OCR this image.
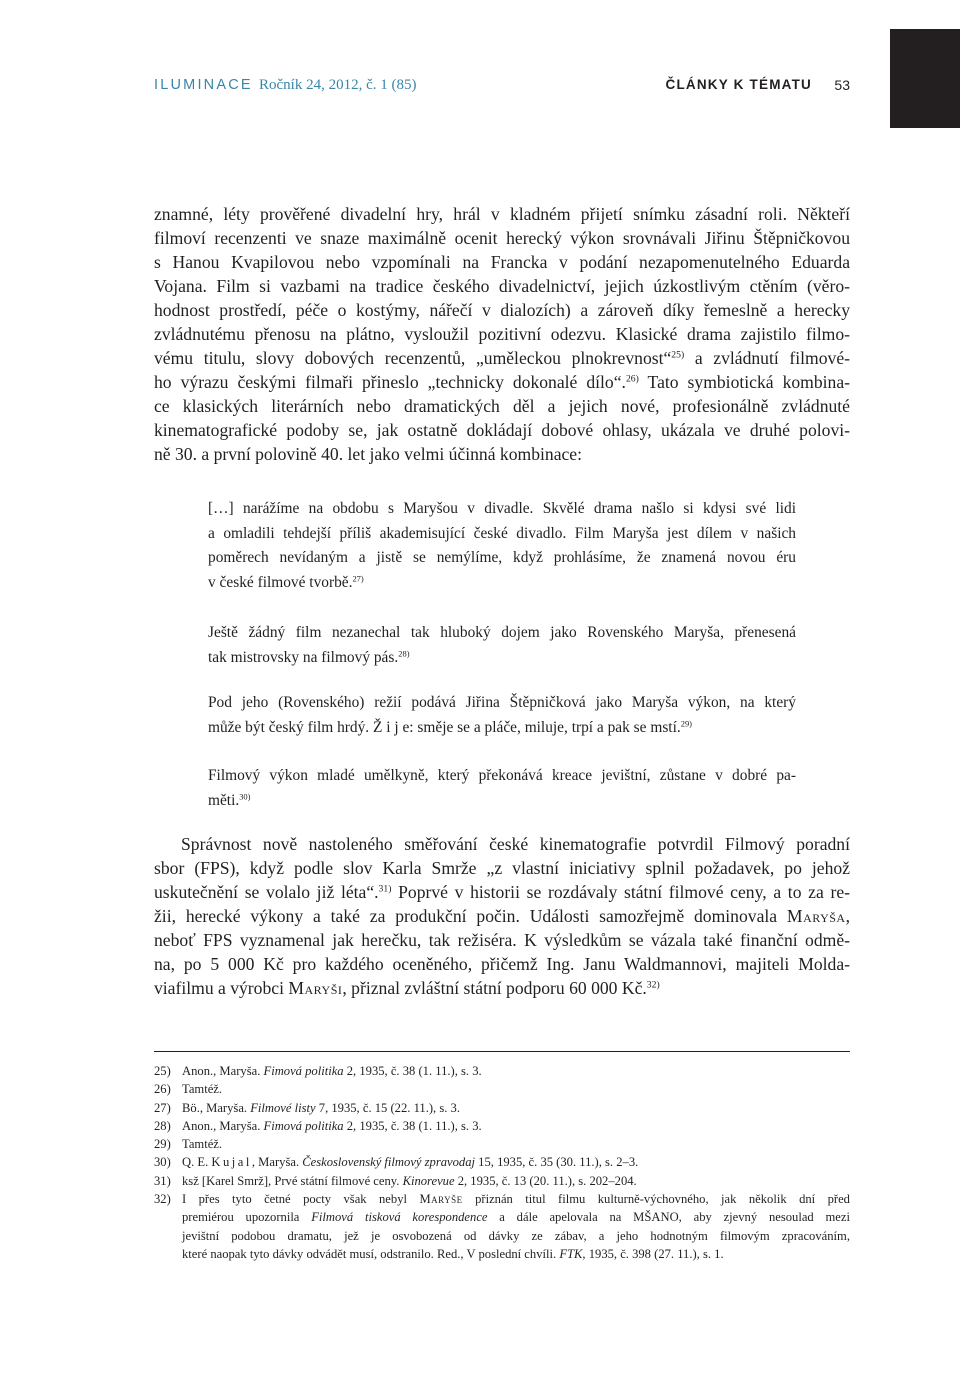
ILUMINACE Ročník 24, 2012, č. 1 (85)	ČLÁNKY K TÉMATU 53
znamné, léty prověřené divadelní hry, hrál v kladném přijetí snímku zásadní roli. Někteří
filmoví recenzenti ve snaze maximálně ocenit herecký výkon srovnávali Jiřinu Štěpničkovou
s Hanou Kvapilovou nebo vzpomínali na Francka v podání nezapomenutelného Eduarda
Vojana. Film si vazbami na tradice českého divadelnictví, jejich úzkostlivým ctěním (věro-
hodnost prostředí, péče o kostýmy, nářečí v dialozích) a zároveň díky řemeslně a herecky
zvládnutému přenosu na plátno, vysloužil pozitivní odezvu. Klasické drama zajistilo filmo-
vému titulu, slovy dobových recenzentů, „uměleckou plnokrevnost“$^{25)}$ a zvládnutí filmové-
ho výrazu českými filmaři přineslo „technicky dokonalé dílo“.$^{26)}$ Tato symbiotická kombina-
ce klasických literárních nebo dramatických děl a jejich nové, profesionálně zvládnuté
kinematografické podoby se, jak ostatně dokládají dobové ohlasy, ukázala ve druhé polovi-
ně 30. a první polovině 40. let jako velmi účinná kombinace:
[…] narážíme na obdobu s Maryšou v divadle. Skvělé drama našlo si kdysi své lidi
a omladili tehdejší příliš akademisující české divadlo. Film Maryša jest dílem v našich
poměrech nevídaným a jistě se nemýlíme, když prohlásíme, že znamená novou éru
v české filmové tvorbě.$^{27)}$
Ještě žádný film nezanechal tak hluboký dojem jako Rovenského Maryša, přenesená
tak mistrovsky na filmový pás.$^{28)}$
Pod jeho (Rovenského) režií podává Jiřina Štěpničková jako Maryša výkon, na který
může být český film hrdý. Ž i j e: směje se a pláče, miluje, trpí a pak se mstí.$^{29)}$
Filmový výkon mladé umělkyně, který překonává kreace jevištní, zůstane v dobré pa-
měti.$^{30)}$
Správnost nově nastoleného směřování české kinematografie potvrdil Filmový poradní
sbor (FPS), když podle slov Karla Smrže „z vlastní iniciativy splnil požadavek, po jehož
uskutečnění se volalo již léta“.$^{31)}$ Poprvé v historii se rozdávaly státní filmové ceny, a to za re-
žii, herecké výkony a také za produkční počin. Události samozřejmě dominovala Maryša,
neboť FPS vyznamenal jak herečku, tak režiséra. K výsledkům se vázala také finanční odmě-
na, po 5 000 Kč pro každého oceněného, přičemž Ing. Janu Waldmannovi, majiteli Molda-
viafilmu a výrobci Maryši, přiznal zvláštní státní podporu 60 000 Kč.$^{32)}$
25) Anon., Maryša. Fimová politika 2, 1935, č. 38 (1. 11.), s. 3.
26) Tamtéž.
27) Bö., Maryša. Filmové listy 7, 1935, č. 15 (22. 11.), s. 3.
28) Anon., Maryša. Fimová politika 2, 1935, č. 38 (1. 11.), s. 3.
29) Tamtéž.
30) Q. E. Kujal, Maryša. Československý filmový zpravodaj 15, 1935, č. 35 (30. 11.), s. 2–3.
31) ksž [Karel Smrž], Prvé státní filmové ceny. Kinorevue 2, 1935, č. 13 (20. 11.), s. 202–204.
32) I přes tyto četné pocty však nebyl Maryše přiznán titul filmu kulturně-výchovného, jak několik dní před
premiérou upozornila Filmová tisková korespondence a dále apelovala na MŠANO, aby zjevný nesoulad mezi
jevištní podobou dramatu, jež je osvobozená od dávky ze zábav, a jeho hodnotným filmovým zpracováním,
které naopak tyto dávky odvádět musí, odstranilo. Red., V poslední chvíli. FTK, 1935, č. 398 (27. 11.), s. 1.
